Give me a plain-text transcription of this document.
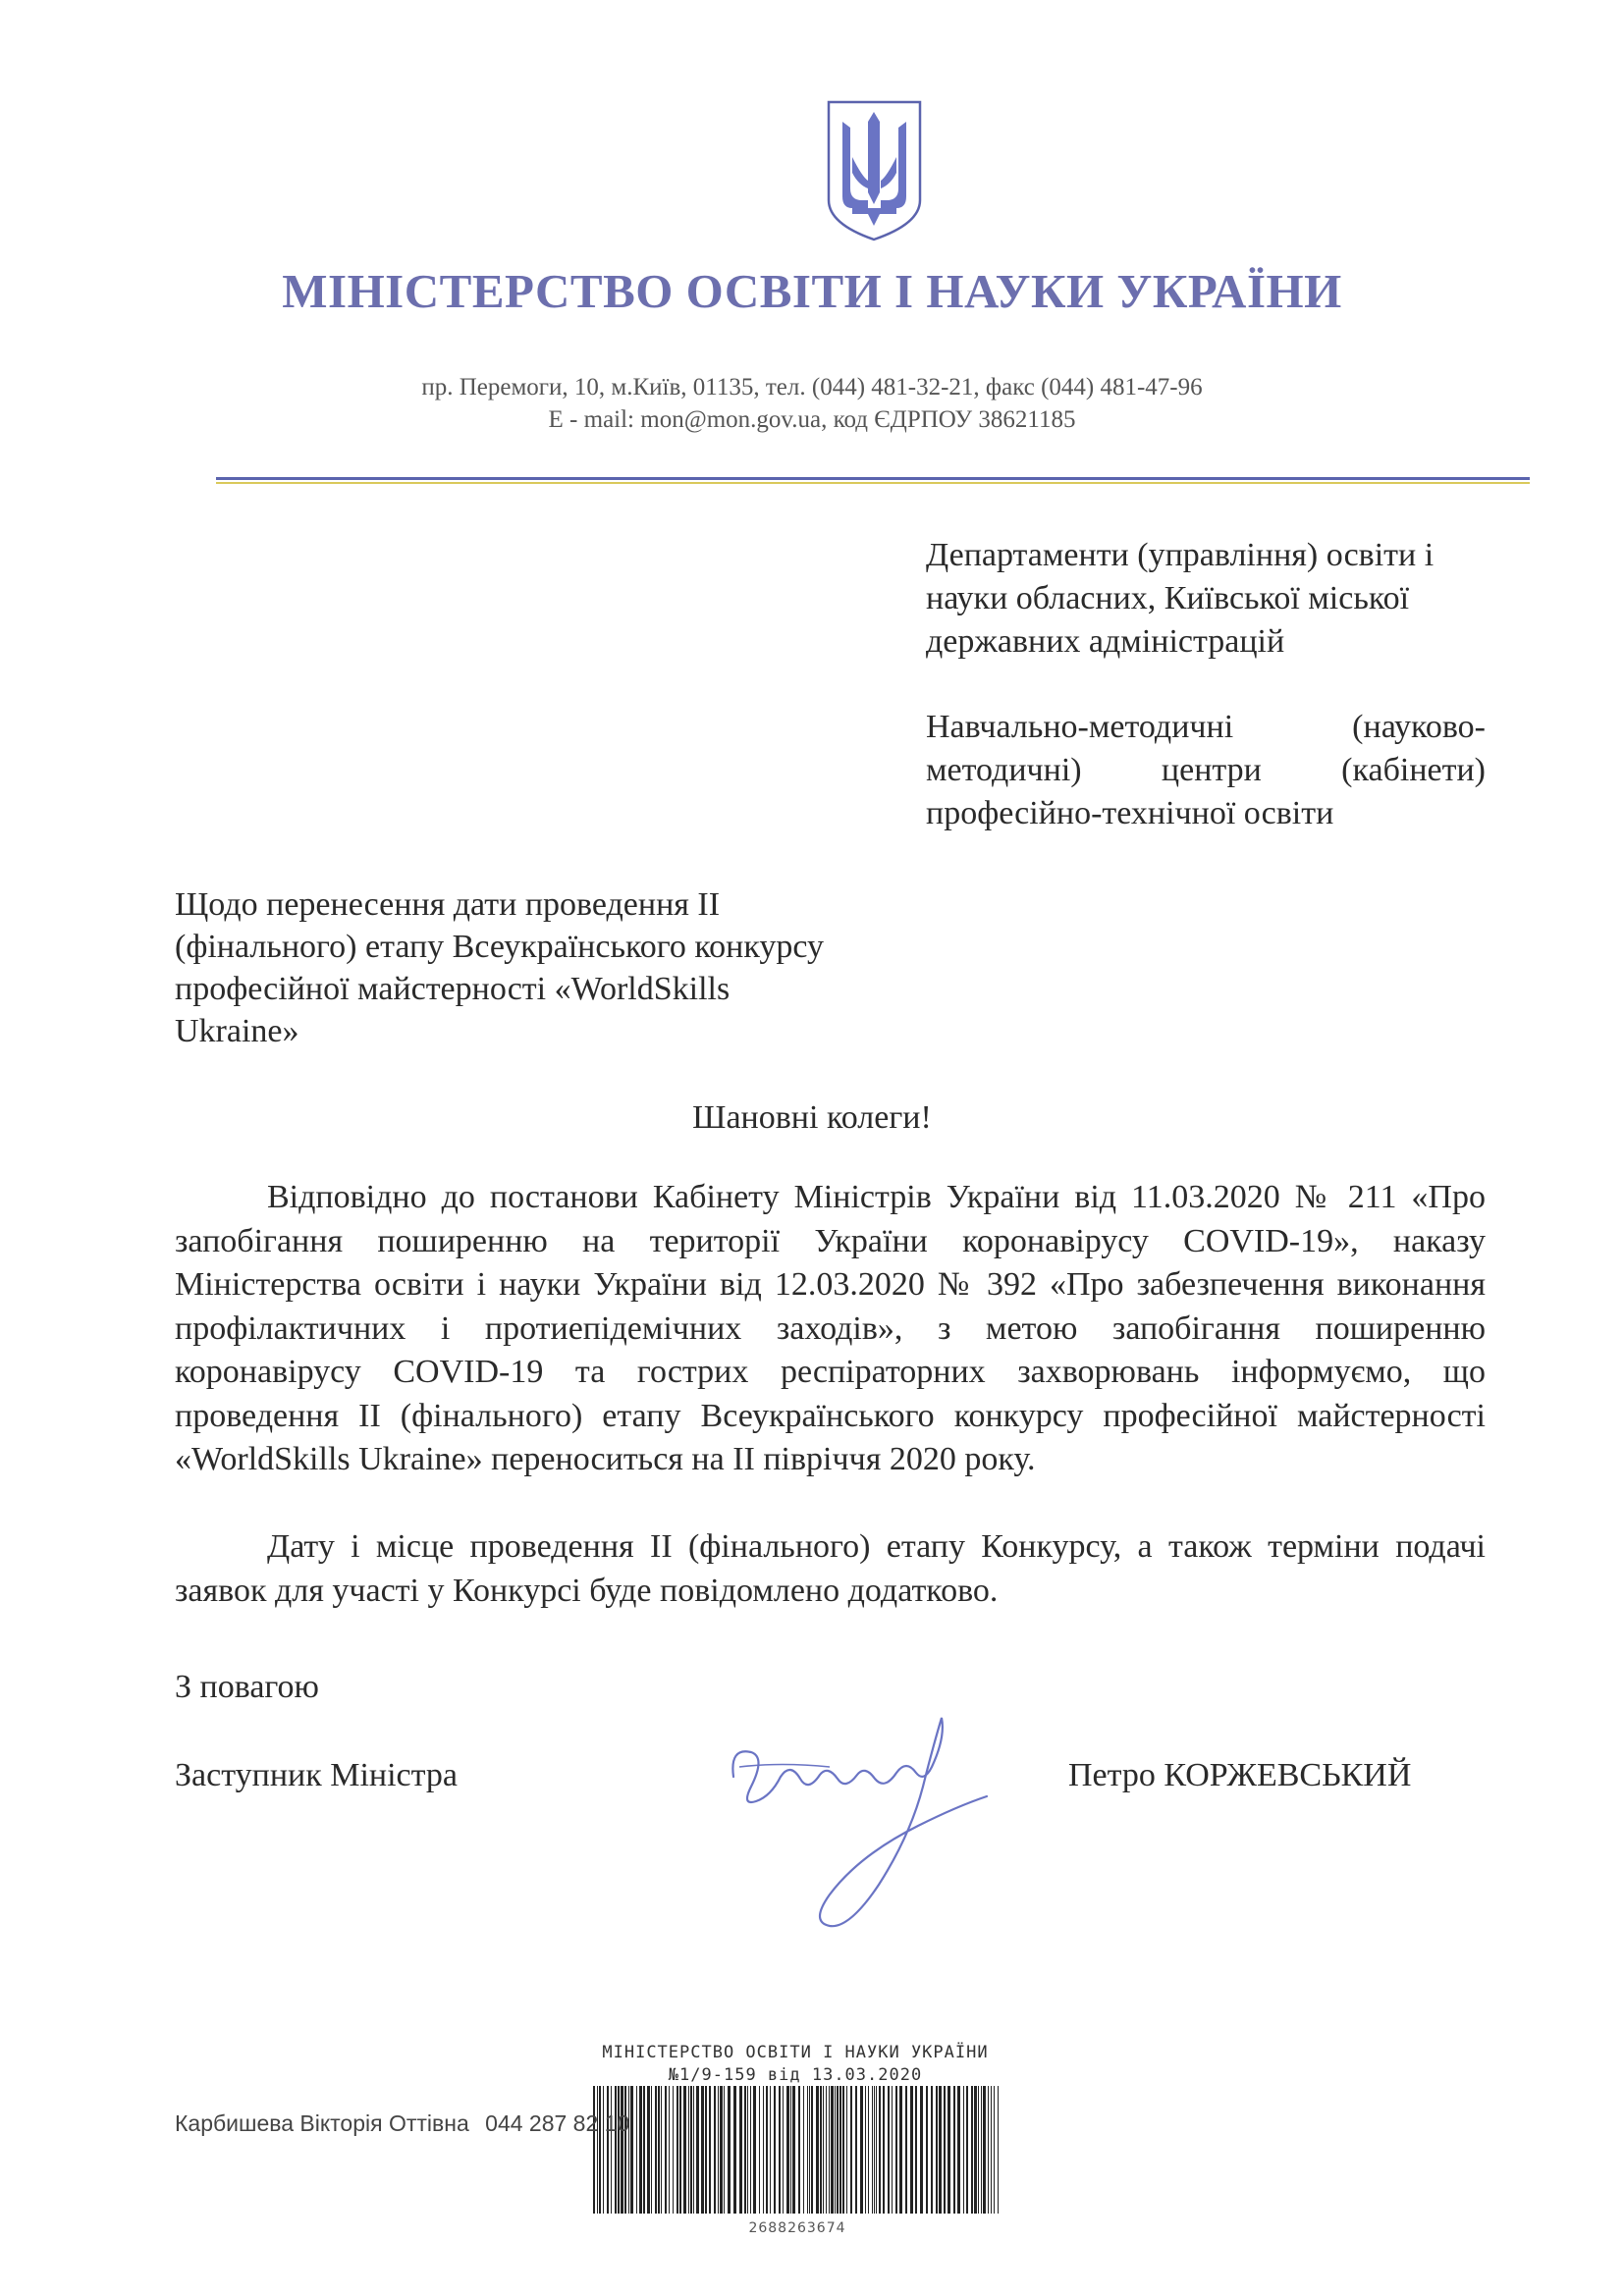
МІНІСТЕРСТВО ОСВІТИ І НАУКИ УКРАЇНИ
пр. Перемоги, 10, м.Київ, 01135, тел. (044) 481-32-21, факс (044) 481-47-96
E - mail: mon@mon.gov.ua, код ЄДРПОУ 38621185
Департаменти (управління) освіти і науки обласних, Київської міської державних адміністрацій
Навчально-методичні (науково-методичні) центри (кабінети) професійно-технічної освіти
Щодо перенесення дати проведення II (фінального) етапу Всеукраїнського конкурсу професійної майстерності «WorldSkills Ukraine»
Шановні колеги!
Відповідно до постанови Кабінету Міністрів України від 11.03.2020 № 211 «Про запобігання поширенню на території України коронавірусу COVID-19», наказу Міністерства освіти і науки України від 12.03.2020 № 392 «Про забезпечення виконання профілактичних і протиепідемічних заходів», з метою запобігання поширенню коронавірусу COVID-19 та гострих респіраторних захворювань інформуємо, що проведення II (фінального) етапу Всеукраїнського конкурсу професійної майстерності «WorldSkills Ukraine» переноситься на II півріччя 2020 року.
Дату і місце проведення II (фінального) етапу Конкурсу, а також терміни подачі заявок для участі у Конкурсі буде повідомлено додатково.
З повагою
Заступник Міністра	Петро КОРЖЕВСЬКИЙ
МІНІСТЕРСТВО ОСВІТИ І НАУКИ УКРАЇНИ
№1/9-159 від 13.03.2020
2688263674
Карбишева Вікторія Оттівна 044 287 82 10
